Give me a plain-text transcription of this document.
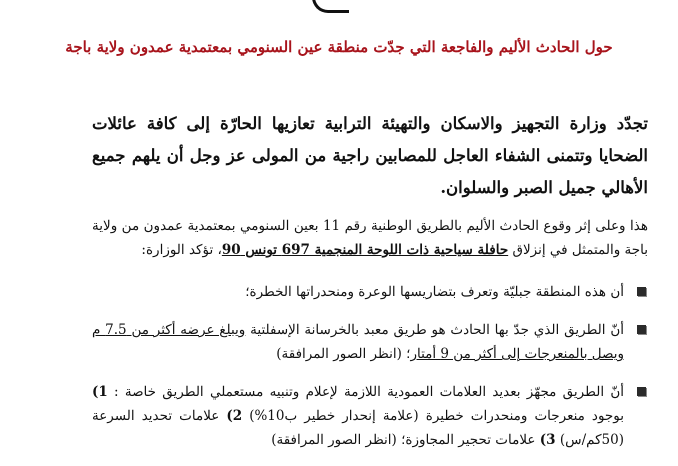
حول الحادث الأليم والفاجعة التي جدّت منطقة عين السنومي بمعتمدية عمدون ولاية باجة

تجدّد وزارة التجهيز والاسكان والتهيئة الترابية تعازيها الحارّة إلى كافة عائلات الضحايا وتتمنى الشفاء العاجل للمصابين راجية من المولى عز وجل أن يلهم جميع الأهالي جميل الصبر والسلوان.

هذا وعلى إثر وقوع الحادث الأليم بالطريق الوطنية رقم 11 بعين السنومي بمعتمدية عمدون من ولاية باجة والمتمثل في إنزلاق حافلة سياحية ذات اللوحة المنجمية 697 تونس 90، تؤكد الوزارة:

أن هذه المنطقة جبليّة وتعرف بتضاريسها الوعرة ومنحدراتها الخطرة؛
أنّ الطريق الذي جدّ بها الحادث هو طريق معبد بالخرسانة الإسفلتية ويبلغ عرضه أكثر من 7.5 م ويصل بالمنعرجات إلى أكثر من 9 أمتار؛ (انظر الصور المرافقة)
أنّ الطريق مجهّز بعديد العلامات العمودية اللازمة لإعلام وتنبيه مستعملي الطريق خاصة : 1) بوجود منعرجات ومنحدرات خطيرة (علامة إنحدار خطير ب10%) 2) علامات تحديد السرعة (50كم/س) 3) علامات تحجير المجاوزة؛ (انظر الصور المرافقة)
